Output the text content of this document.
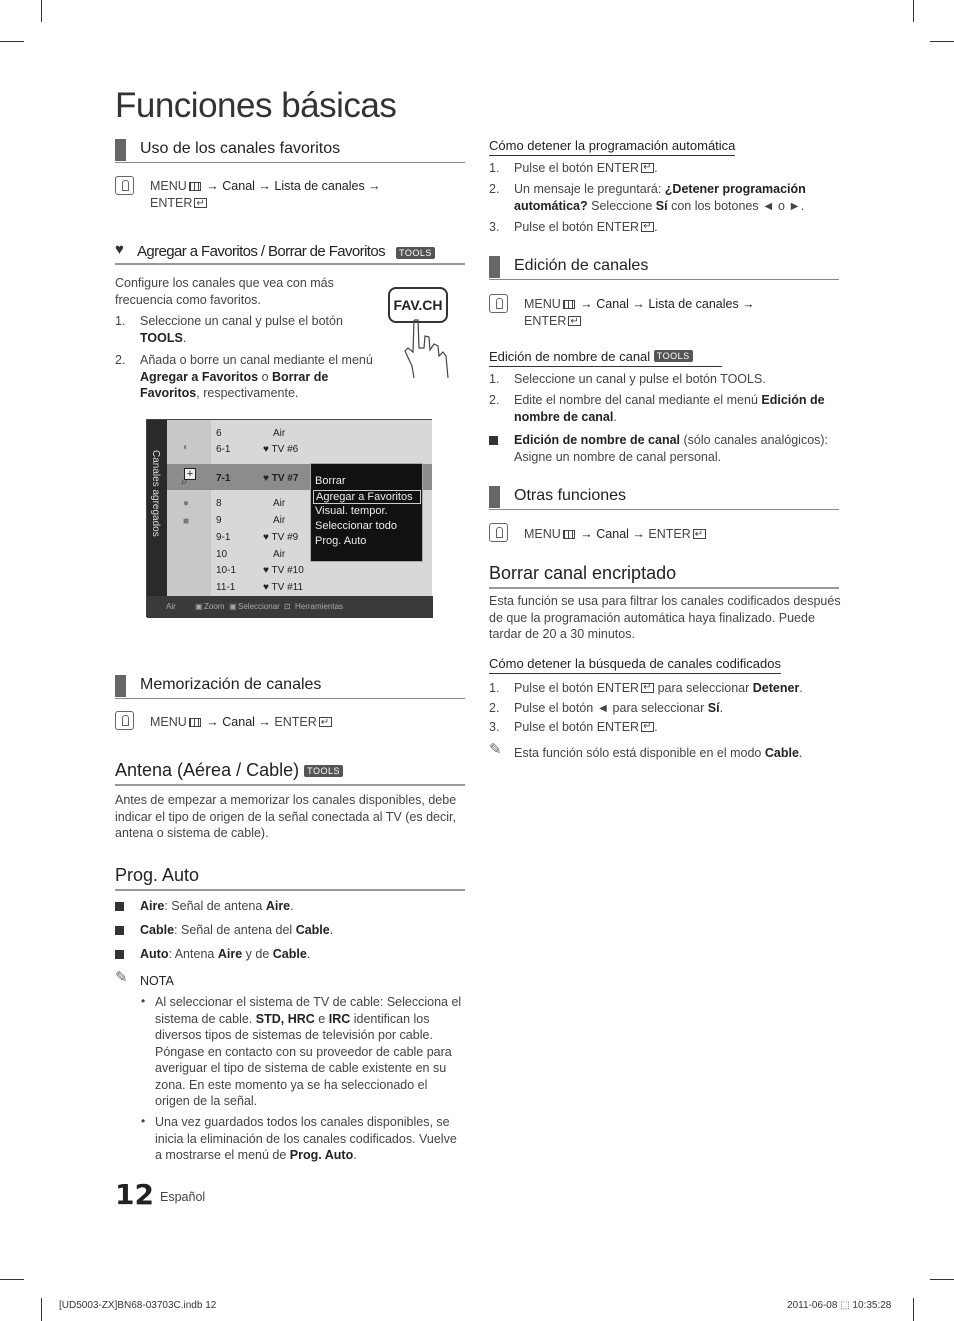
Funciones básicas
Uso de los canales favoritos
MENU → Canal → Lista de canales →
ENTER↵
♥ Agregar a Favoritos / Borrar de Favoritos	TOOLS
Configure los canales que vea con más frecuencia como favoritos.
1. Seleccione un canal y pulse el botón TOOLS.
2. Añada o borre un canal mediante el menú Agregar a Favoritos o Borrar de Favoritos, respectivamente.
FAV.CH
Canales agregados
◐
●
■
+
⌕
6	Air
6-1	♥ TV #6
7-1	♥ TV #7
8	Air
9	Air
9-1	♥ TV #9
10	Air
10-1	♥ TV #10
11-1	♥ TV #11
Borrar
Agregar a Favoritos
Visual. tempor.
Seleccionar todo
Prog. Auto
Air ▣ Zoom ▣ Seleccionar ⊡ Herramientas
Memorización de canales
MENU → Canal → ENTER↵
Antena (Aérea / Cable) TOOLS
Antes de empezar a memorizar los canales disponibles, debe indicar el tipo de origen de la señal conectada al TV (es decir, antena o sistema de cable).
Prog. Auto
Aire: Señal de antena Aire.
Cable: Señal de antena del Cable.
Auto: Antena Aire y de Cable.
✎ NOTA
• Al seleccionar el sistema de TV de cable: Selecciona el sistema de cable. STD, HRC e IRC identifican los diversos tipos de sistemas de televisión por cable. Póngase en contacto con su proveedor de cable para averiguar el tipo de sistema de cable existente en su zona. En este momento ya se ha seleccionado el origen de la señal.
• Una vez guardados todos los canales disponibles, se inicia la eliminación de los canales codificados. Vuelve a mostrarse el menú de Prog. Auto.
Cómo detener la programación automática
1. Pulse el botón ENTER ↵ .
2. Un mensaje le preguntará: ¿Detener programación automática? Seleccione Sí con los botones ◄ o ►.
3. Pulse el botón ENTER ↵ .
Edición de canales
MENU → Canal → Lista de canales →
ENTER↵
Edición de nombre de canal TOOLS
1. Seleccione un canal y pulse el botón TOOLS.
2. Edite el nombre del canal mediante el menú Edición de nombre de canal.
Edición de nombre de canal (sólo canales analógicos): Asigne un nombre de canal personal.
Otras funciones
MENU → Canal → ENTER↵
Borrar canal encriptado
Esta función se usa para filtrar los canales codificados después de que la programación automática haya finalizado. Puede tardar de 20 a 30 minutos.
Cómo detener la búsqueda de canales codificados
1. Pulse el botón ENTER ↵ para seleccionar Detener.
2. Pulse el botón ◄ para seleccionar Sí.
3. Pulse el botón ENTER ↵ .
✎ Esta función sólo está disponible en el modo Cable.
12 Español
[UD5003-ZX]BN68-03703C.indb 12	2011-06-08 ⬚ 10:35:28
